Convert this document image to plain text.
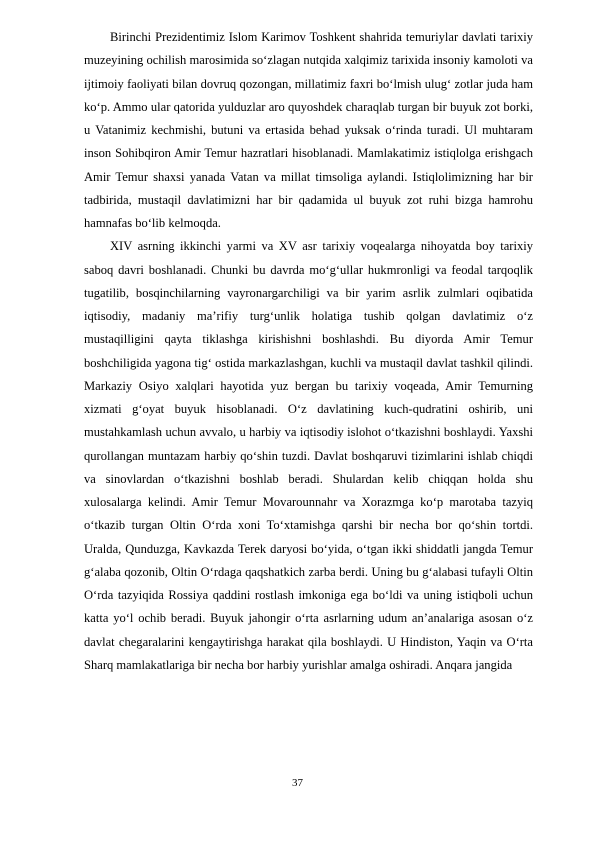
Birinchi Prezidentimiz Islom Karimov Toshkent shahrida temuriylar davlati tarixiy muzeyining ochilish marosimida so‘zlagan nutqida xalqimiz tarixida insoniy kamoloti va ijtimoiy faoliyati bilan dovruq qozongan, millatimiz faxri bo‘lmish ulug‘ zotlar juda ham ko‘p. Ammo ular qatorida yulduzlar aro quyoshdek charaqlab turgan bir buyuk zot borki, u Vatanimiz kechmishi, butuni va ertasida behad yuksak o‘rinda turadi. Ul muhtaram inson Sohibqiron Amir Temur hazratlari hisoblanadi. Mamlakatimiz istiqlolga erishgach Amir Temur shaxsi yanada Vatan va millat timsoliga aylandi. Istiqlolimizning har bir tadbirida, mustaqil davlatimizni har bir qadamida ul buyuk zot ruhi bizga hamrohu hamnafas bo‘lib kelmoqda.

XIV asrning ikkinchi yarmi va XV asr tarixiy voqealarga nihoyatda boy tarixiy saboq davri boshlanadi. Chunki bu davrda mo‘g‘ullar hukmronligi va feodal tarqoqlik tugatilib, bosqinchilarning vayronargarchiligi va bir yarim asrlik zulmlari oqibatida iqtisodiy, madaniy ma’rifiy turg‘unlik holatiga tushib qolgan davlatimiz o‘z mustaqilligini qayta tiklashga kirishishni boshlashdi. Bu diyorda Amir Temur boshchiligida yagona tig‘ ostida markazlashgan, kuchli va mustaqil davlat tashkil qilindi. Markaziy Osiyo xalqlari hayotida yuz bergan bu tarixiy voqeada, Amir Temurning xizmati g‘oyat buyuk hisoblanadi. O‘z davlatining kuch-qudratini oshirib, uni mustahkamlash uchun avvalo, u harbiy va iqtisodiy islohot o‘tkazishni boshlaydi. Yaxshi qurollangan muntazam harbiy qo‘shin tuzdi. Davlat boshqaruvi tizimlarini ishlab chiqdi va sinovlardan o‘tkazishni boshlab beradi. Shulardan kelib chiqqan holda shu xulosalarga kelindi. Amir Temur Movarounnahr va Xorazmga ko‘p marotaba tazyiq o‘tkazib turgan Oltin O‘rda xoni To‘xtamishga qarshi bir necha bor qo‘shin tortdi. Uralda, Qunduzga, Kavkazda Terek daryosi bo‘yida, o‘tgan ikki shiddatli jangda Temur g‘alaba qozonib, Oltin O‘rdaga qaqshatkich zarba berdi. Uning bu g‘alabasi tufayli Oltin O‘rda tazyiqida Rossiya qaddini rostlash imkoniga ega bo‘ldi va uning istiqboli uchun katta yo‘l ochib beradi. Buyuk jahongir o‘rta asrlarning udum an’analariga asosan o‘z davlat chegaralarini kengaytirishga harakat qila boshlaydi. U Hindiston, Yaqin va O‘rta Sharq mamlakatlariga bir necha bor harbiy yurishlar amalga oshiradi. Anqara jangida

37
